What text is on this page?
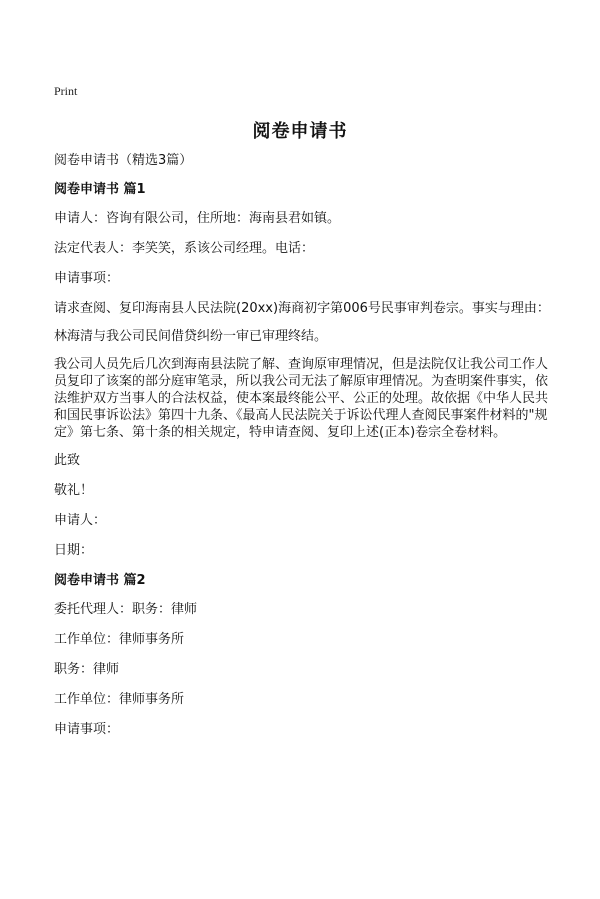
Print
阅卷申请书

阅卷申请书（精选3篇）

阅卷申请书 篇1

申请人：咨询有限公司，住所地：海南县君如镇。

法定代表人：李笑笑，系该公司经理。电话：

申请事项：

请求查阅、复印海南县人民法院(20xx)海商初字第006号民事审判卷宗。事实与理由：

林海清与我公司民间借贷纠纷一审已审理终结。

我公司人员先后几次到海南县法院了解、查询原审理情况，但是法院仅让我公司工作人员复印了该案的部分庭审笔录，所以我公司无法了解原审理情况。为查明案件事实，依法维护双方当事人的合法权益，使本案最终能公平、公正的处理。故依据《中华人民共和国民事诉讼法》第四十九条、《最高人民法院关于诉讼代理人查阅民事案件材料的"规定》第七条、第十条的相关规定，特申请查阅、复印上述(正本)卷宗全卷材料。

此致

敬礼！

申请人：

日期：

阅卷申请书 篇2

委托代理人：职务：律师

工作单位：律师事务所

职务：律师

工作单位：律师事务所

申请事项：
